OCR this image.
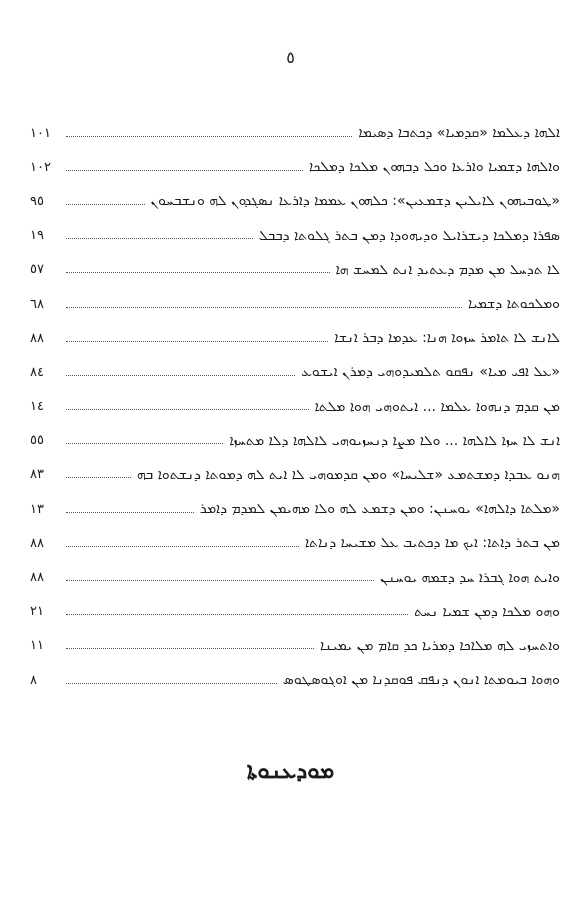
٥
١٠١	ܐܠܗܐ ܕܥܠܡܐ «ܩܕܡܝܐ» ܕܟܬܒܐ ܕܣܝܡܐ
١٠٢	ܘܐܠܗܐ ܕܫܡܝܐ ܘܐܪܥܐ ܘܟܠ ܕܒܗܘܢ ܡܠܟܐ ܕܡܠܟܐ
٩٥	«ܛܘܒܝܗܘܢ ܠܐܝܠܝܢ ܕܫܡܥܝܢ»: ܟܠܗܘܢ ܥܡܡܐ ܕܐܪܥܐ ܢܣܓܕܘܢ ܠܗ ܘܢܫܒܚܘܢ
١٩	ܣܦܪܐ ܕܡܠܟܐ ܕܝܫܪܐܝܠ ܘܕܝܗܘܕܐ ܕܡܢ ܒܬܪ ܓܠܘܬܐ ܕܒܒܠ
٥٧	ܠܐ ܬܕܚܠ ܡܢ ܡܕܡ ܕܥܬܝܕ ܐܢܬ ܠܡܚܫ ܗܐ
٦٨	ܘܡܠܟܘܬܐ ܕܫܡܝܐ
٨٨	ܠܐܢܫ ܠܐ ܬܐܡܪ ܚܙܘܐ ܗܢܐ: ܥܕܡܐ ܕܒܪ ܐܢܫܐ
٨٤	«ܥܠ ܐܦܝ ܡܝܐ» ܢܦܩܘ ܬܠܡܝܕܘܗܝ ܕܡܪܢ ܐܝܫܘܥ
١٤	ܡܢ ܩܕܡ ܕܢܗܘܐ ܥܠܡܐ ... ܐܝܬܘܗܝ ܗܘܐ ܡܠܬܐ
٥٥	ܐܢܫ ܠܐ ܚܙܐ ܠܐܠܗܐ ... ܘܠܐ ܡܨܐ ܕܢܚܙܝܘܗܝ ܠܐܠܗܐ ܕܠܐ ܡܬܚܙܐ
٨٣	ܗܢܘ ܥܒܕܐ ܕܡܫܬܡܥ «ܫܠܝܚܐ» ܘܡܢ ܩܕܡܘܗܝ ܠܐ ܐܝܬ ܠܗ ܕܡܘܬܐ ܕܢܫܬܘܐ ܒܗ
١٣	«ܡܠܬܐ ܕܐܠܗܐ» ܝܘܚܢܢ: ܘܡܢ ܕܫܡܥ ܠܗ ܘܠܐ ܡܗܝܡܢ ܠܡܕܡ ܕܐܡܪ
٨٨	ܡܢ ܒܬܪ ܕܐܬܐ: ܐܝܟ ܡܐ ܕܟܬܝܒ ܥܠ ܡܫܝܚܐ ܕܢܐܬܐ
٨٨	ܘܐܝܬ ܗܘܐ ܓܒܪܐ ܚܕ ܕܫܡܗ ܝܘܚܢܢ
٢١	ܘܗܘ ܡܠܟܐ ܕܡܢ ܫܡܝܐ ܢܚܬ
١١	ܘܐܬܚܙܝ ܠܗ ܡܠܐܟܐ ܕܡܪܝܐ ܟܕ ܩܐܡ ܡܢ ܝܡܝܢܐ
٨	ܘܗܘܐ ܒܝܘܡܬܐ ܐܢܘܢ ܕܢܦܩ ܦܘܩܕܢܐ ܡܢ ܐܘܓܘܣܛܘܣ
ܡܘܕܥܢܘܬܐ
